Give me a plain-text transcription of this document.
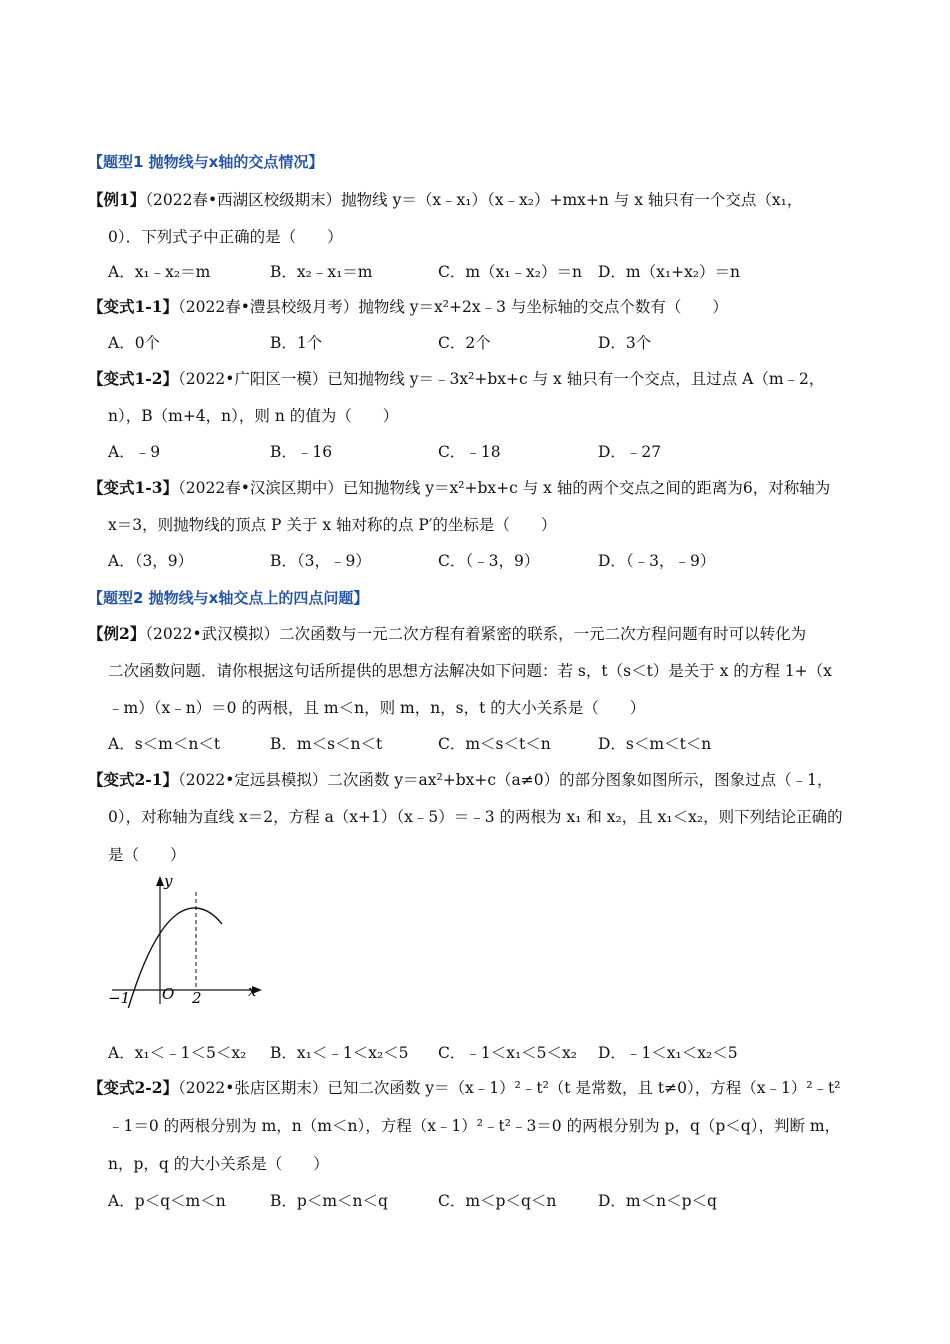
【题型1 抛物线与x轴的交点情况】
【例1】（2022春•西湖区校级期末）抛物线 y＝（x﹣x₁）（x﹣x₂）+mx+n 与 x 轴只有一个交点（x₁，
0）．下列式子中正确的是（　　）
A．x₁﹣x₂＝m	B．x₂﹣x₁＝m	C．m（x₁﹣x₂）＝n D．m（x₁+x₂）＝n
【变式1-1】（2022春•澧县校级月考）抛物线 y＝x²+2x﹣3 与坐标轴的交点个数有（　　）
A．0个	B．1个	C．2个	D．3个
【变式1-2】（2022•广阳区一模）已知抛物线 y＝﹣3x²+bx+c 与 x 轴只有一个交点，且过点 A（m﹣2，
n），B（m+4，n），则 n 的值为（　　）
A．﹣9	B．﹣16	C．﹣18	D．﹣27
【变式1-3】（2022春•汉滨区期中）已知抛物线 y＝x²+bx+c 与 x 轴的两个交点之间的距离为6，对称轴为
x＝3，则抛物线的顶点 P 关于 x 轴对称的点 P′的坐标是（　　）
A．（3，9）	B．（3，﹣9）	C．（﹣3，9）	D．（﹣3，﹣9）
【题型2 抛物线与x轴交点上的四点问题】
【例2】（2022•武汉模拟）二次函数与一元二次方程有着紧密的联系，一元二次方程问题有时可以转化为
二次函数问题．请你根据这句话所提供的思想方法解决如下问题：若 s，t（s＜t）是关于 x 的方程 1+（x
﹣m）（x﹣n）＝0 的两根，且 m＜n，则 m，n，s，t 的大小关系是（　　）
A．s＜m＜n＜t	B．m＜s＜n＜t	C．m＜s＜t＜n	D．s＜m＜t＜n
【变式2-1】（2022•定远县模拟）二次函数 y＝ax²+bx+c（a≠0）的部分图象如图所示，图象过点（﹣1，
0），对称轴为直线 x＝2，方程 a（x+1）（x﹣5）＝﹣3 的两根为 x₁ 和 x₂，且 x₁＜x₂，则下列结论正确的
是（　　）
y
x
O
−1	2
A．x₁＜﹣1＜5＜x₂ B．x₁＜﹣1＜x₂＜5 C．﹣1＜x₁＜5＜x₂ D．﹣1＜x₁＜x₂＜5
【变式2-2】（2022•张店区期末）已知二次函数 y＝（x﹣1）²﹣t²（t 是常数，且 t≠0），方程（x﹣1）²﹣t²
﹣1＝0 的两根分别为 m，n（m＜n），方程（x﹣1）²﹣t²﹣3＝0 的两根分别为 p，q（p＜q），判断 m，
n，p，q 的大小关系是（　　）
A．p＜q＜m＜n	B．p＜m＜n＜q	C．m＜p＜q＜n	D．m＜n＜p＜q
